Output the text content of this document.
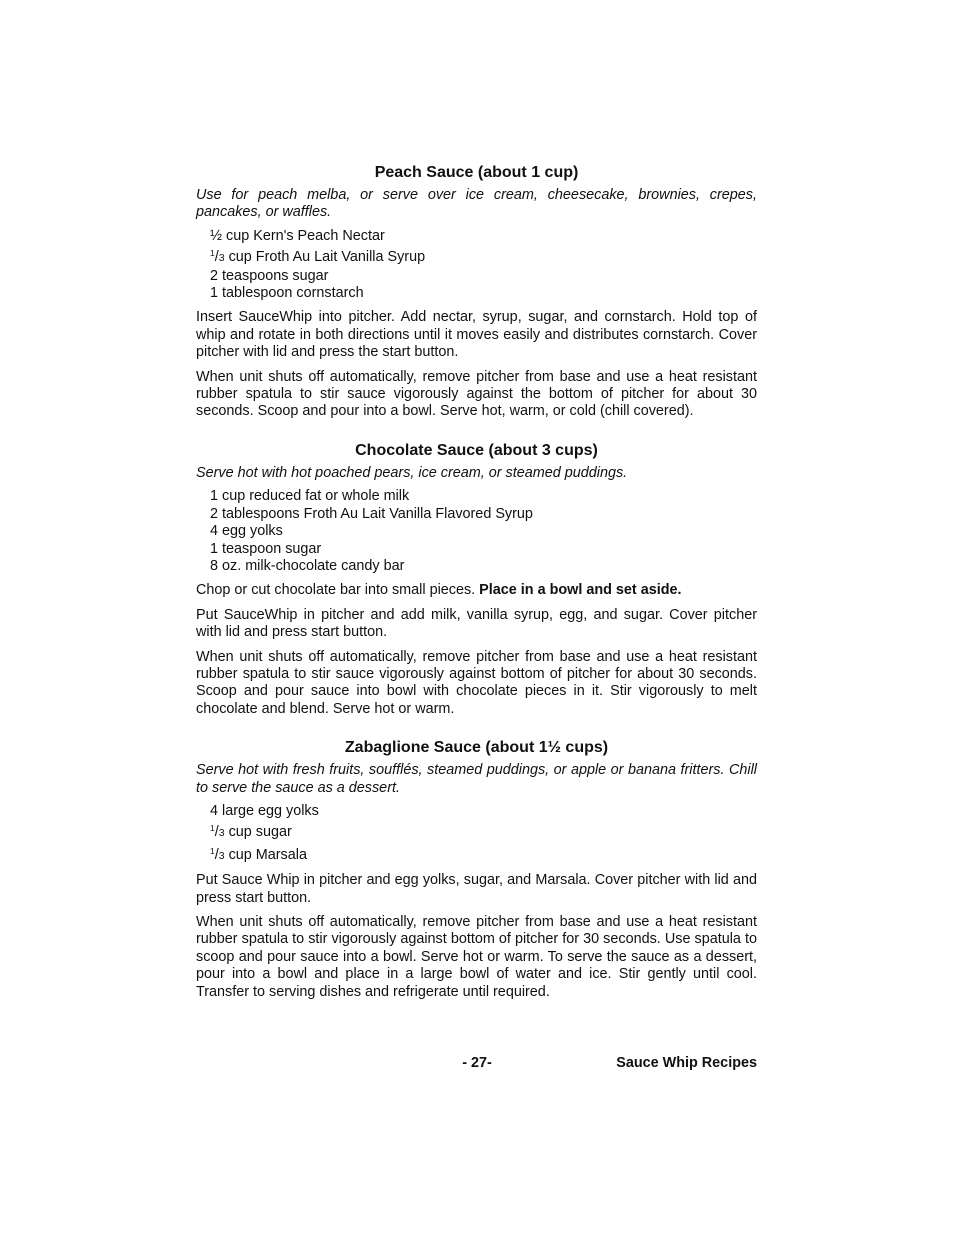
Peach Sauce (about 1 cup)

Use for peach melba, or serve over ice cream, cheesecake, brownies, crepes, pancakes, or waffles.

½ cup Kern's Peach Nectar
$^1$/3 cup Froth Au Lait Vanilla Syrup
2 teaspoons sugar
1 tablespoon cornstarch

Insert SauceWhip into pitcher. Add nectar, syrup, sugar, and cornstarch. Hold top of whip and rotate in both directions until it moves easily and distributes cornstarch. Cover pitcher with lid and press the start button.

When unit shuts off automatically, remove pitcher from base and use a heat resistant rubber spatula to stir sauce vigorously against the bottom of pitcher for about 30 seconds. Scoop and pour into a bowl. Serve hot, warm, or cold (chill covered).

Chocolate Sauce (about 3 cups)

Serve hot with hot poached pears, ice cream, or steamed puddings.

1 cup reduced fat or whole milk
2 tablespoons Froth Au Lait Vanilla Flavored Syrup
4 egg yolks
1 teaspoon sugar
8 oz. milk-chocolate candy bar

Chop or cut chocolate bar into small pieces. Place in a bowl and set aside.

Put SauceWhip in pitcher and add milk, vanilla syrup, egg, and sugar. Cover pitcher with lid and press start button.

When unit shuts off automatically, remove pitcher from base and use a heat resistant rubber spatula to stir sauce vigorously against bottom of pitcher for about 30 seconds. Scoop and pour sauce into bowl with chocolate pieces in it. Stir vigorously to melt chocolate and blend. Serve hot or warm.

Zabaglione Sauce (about 1½ cups)

Serve hot with fresh fruits, soufflés, steamed puddings, or apple or banana fritters. Chill to serve the sauce as a dessert.

4 large egg yolks
$^1$/3 cup sugar
$^1$/3 cup Marsala

Put Sauce Whip in pitcher and egg yolks, sugar, and Marsala. Cover pitcher with lid and press start button.

When unit shuts off automatically, remove pitcher from base and use a heat resistant rubber spatula to stir vigorously against bottom of pitcher for 30 seconds. Use spatula to scoop and pour sauce into a bowl. Serve hot or warm. To serve the sauce as a dessert, pour into a bowl and place in a large bowl of water and ice. Stir gently until cool. Transfer to serving dishes and refrigerate until required.

- 27-	Sauce Whip Recipes
